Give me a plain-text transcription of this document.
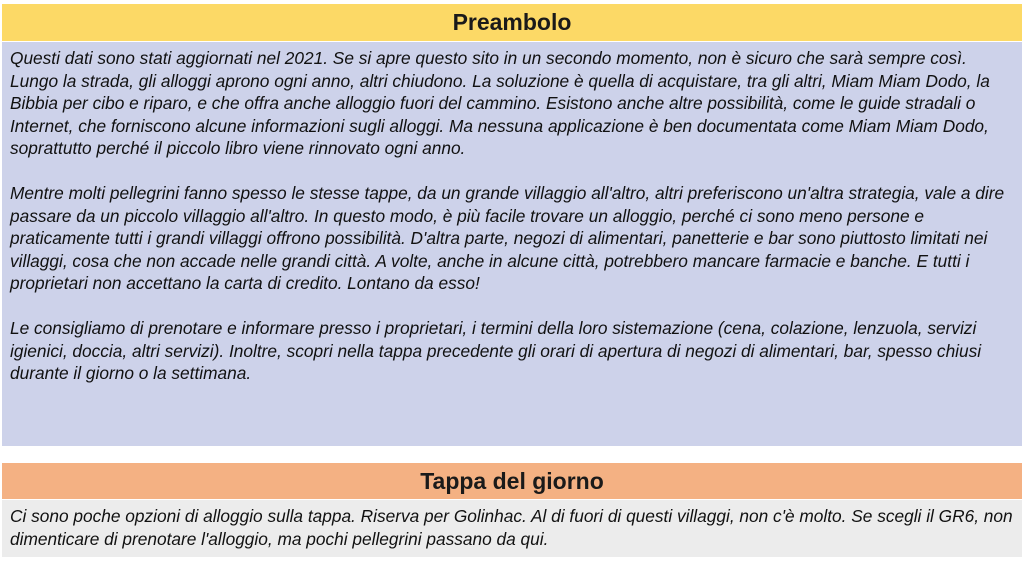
Preambolo

Questi dati sono stati aggiornati nel 2021. Se si apre questo sito in un secondo momento, non è sicuro che sarà sempre così. Lungo la strada, gli alloggi aprono ogni anno, altri chiudono. La soluzione è quella di acquistare, tra gli altri, Miam Miam Dodo, la Bibbia per cibo e riparo, e che offra anche alloggio fuori del cammino. Esistono anche altre possibilità, come le guide stradali o Internet, che forniscono alcune informazioni sugli alloggi. Ma nessuna applicazione è ben documentata come Miam Miam Dodo, soprattutto perché il piccolo libro viene rinnovato ogni anno.

Mentre molti pellegrini fanno spesso le stesse tappe, da un grande villaggio all'altro, altri preferiscono un'altra strategia, vale a dire passare da un piccolo villaggio all'altro. In questo modo, è più facile trovare un alloggio, perché ci sono meno persone e praticamente tutti i grandi villaggi offrono possibilità. D'altra parte, negozi di alimentari, panetterie e bar sono piuttosto limitati nei villaggi, cosa che non accade nelle grandi città. A volte, anche in alcune città, potrebbero mancare farmacie e banche. E tutti i proprietari non accettano la carta di credito. Lontano da esso!

Le consigliamo di prenotare e informare presso i proprietari, i termini della loro sistemazione (cena, colazione, lenzuola, servizi igienici, doccia, altri servizi). Inoltre, scopri nella tappa precedente gli orari di apertura di negozi di alimentari, bar, spesso chiusi durante il giorno o la settimana.

Tappa del giorno
Ci sono poche opzioni di alloggio sulla tappa. Riserva per Golinhac. Al di fuori di questi villaggi, non c'è molto. Se scegli il GR6, non dimenticare di prenotare l'alloggio, ma pochi pellegrini passano da qui.
